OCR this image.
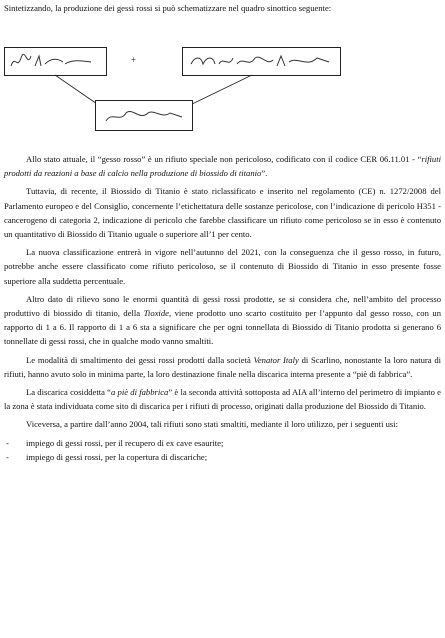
Sintetizzando, la produzione dei gessi rossi si può schematizzare nel quadro sinottico seguente:
+

Allo stato attuale, il “gesso rosso” è un rifiuto speciale non pericoloso, codificato con il codice CER 06.11.01 - “rifiuti prodotti da reazioni a base di calcio nella produzione di biossido di titanio”.

Tuttavia, di recente, il Biossido di Titanio è stato riclassificato e inserito nel regolamento (CE) n. 1272/2008 del Parlamento europeo e del Consiglio, concernente l’etichettatura delle sostanze pericolose, con l’indicazione di pericolo H351 - cancerogeno di categoria 2, indicazione di pericolo che farebbe classificare un rifiuto come pericoloso se in esso è contenuto un quantitativo di Biossido di Titanio uguale o superiore all’1 per cento.

La nuova classificazione entrerà in vigore nell’autunno del 2021, con la conseguenza che il gesso rosso, in futuro, potrebbe anche essere classificato come rifiuto pericoloso, se il contenuto di Biossido di Titanio in esso presente fosse superiore alla suddetta percentuale.

Altro dato di rilievo sono le enormi quantità di gessi rossi prodotte, se si considera che, nell’ambito del processo produttivo di biossido di titanio, della Tioxide, viene prodotto uno scarto costituito per l’appunto dal gesso rosso, con un rapporto di 1 a 6. Il rapporto di 1 a 6 sta a significare che per ogni tonnellata di Biossido di Titanio prodotta si generano 6 tonnellate di gessi rossi, che in qualche modo vanno smaltiti.

Le modalità di smaltimento dei gessi rossi prodotti dalla società Venator Italy di Scarlino, nonostante la loro natura di rifiuti, hanno avuto solo in minima parte, la loro destinazione finale nella discarica interna presente a “piè di fabbrica”.

La discarica cosiddetta “a piè di fabbrica” è la seconda attività sottoposta ad AIA all’interno del perimetro di impianto e la zona è stata individuata come sito di discarica per i rifiuti di processo, originati dalla produzione del Biossido di Titanio.

Viceversa, a partire dall’anno 2004, tali rifiuti sono stati smaltiti, mediante il loro utilizzo, per i seguenti usi:

- impiego di gessi rossi, per il recupero di ex cave esaurite;
- impiego di gessi rossi, per la copertura di discariche;
